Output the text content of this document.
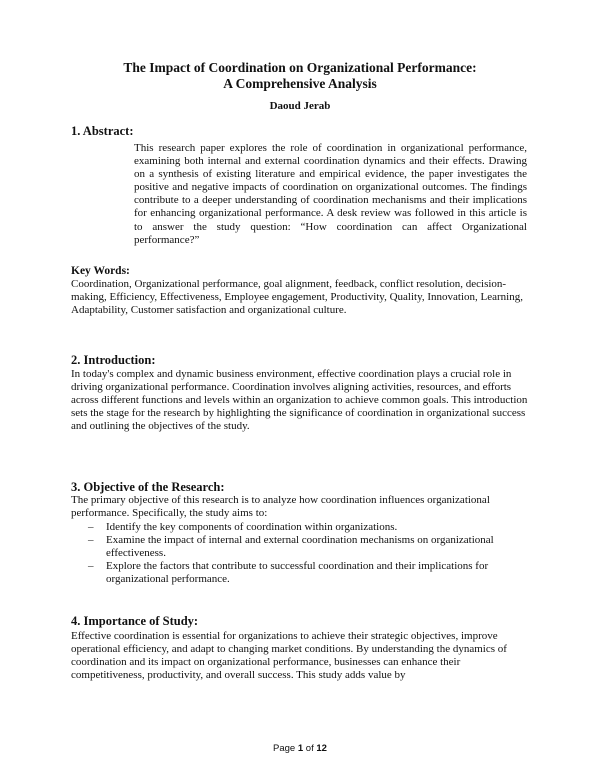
The Impact of Coordination on Organizational Performance:
A Comprehensive Analysis
Daoud Jerab
1. Abstract:
This research paper explores the role of coordination in organizational performance, examining both internal and external coordination dynamics and their effects. Drawing on a synthesis of existing literature and empirical evidence, the paper investigates the positive and negative impacts of coordination on organizational outcomes. The findings contribute to a deeper understanding of coordination mechanisms and their implications for enhancing organizational performance. A desk review was followed in this article is to answer the study question: “How coordination can affect Organizational performance?”
Key Words:
Coordination, Organizational performance, goal alignment, feedback, conflict resolution, decision-making, Efficiency, Effectiveness, Employee engagement, Productivity, Quality, Innovation, Learning, Adaptability, Customer satisfaction and organizational culture.
2. Introduction:
In today's complex and dynamic business environment, effective coordination plays a crucial role in driving organizational performance. Coordination involves aligning activities, resources, and efforts across different functions and levels within an organization to achieve common goals. This introduction sets the stage for the research by highlighting the significance of coordination in organizational success and outlining the objectives of the study.
3. Objective of the Research:
The primary objective of this research is to analyze how coordination influences organizational performance. Specifically, the study aims to:
– Identify the key components of coordination within organizations.
– Examine the impact of internal and external coordination mechanisms on organizational effectiveness.
– Explore the factors that contribute to successful coordination and their implications for organizational performance.
4. Importance of Study:
Effective coordination is essential for organizations to achieve their strategic objectives, improve operational efficiency, and adapt to changing market conditions. By understanding the dynamics of coordination and its impact on organizational performance, businesses can enhance their competitiveness, productivity, and overall success. This study adds value by
Page 1 of 12
